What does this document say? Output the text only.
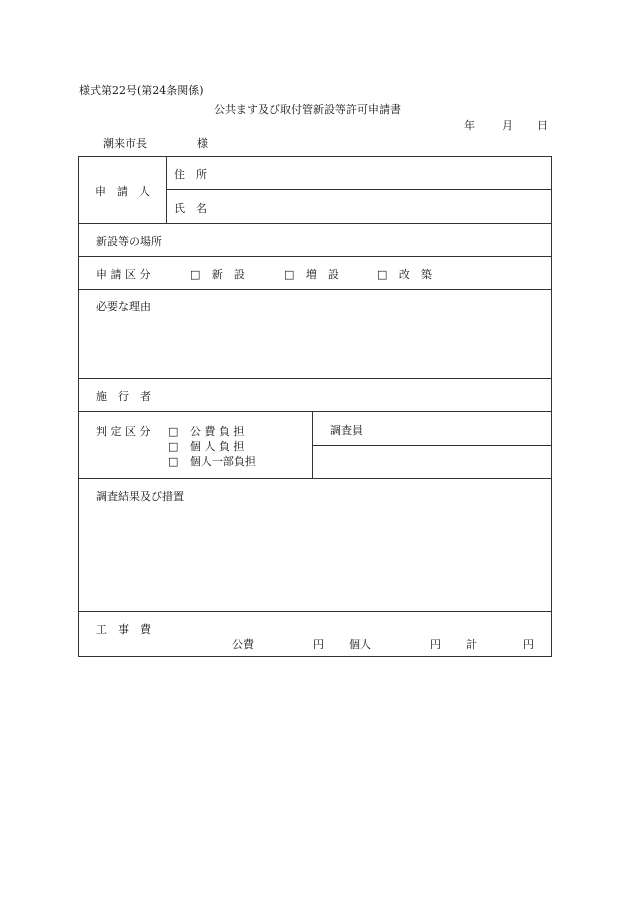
様式第22号(第24条関係)
公共ます及び取付管新設等許可申請書
年 月 日
潮来市長	様
申　請　人
住　所
氏　名
新設等の場所
申 請 区 分	□ 新　設	□ 増　設	□ 改　築
必要な理由
施　行　者
判 定 区 分 □ 公 費 負 担
□ 個 人 負 担
□ 個人一部負担
調査員
調査結果及び措置
工　事　費
公費	円 個人	円 計	円
